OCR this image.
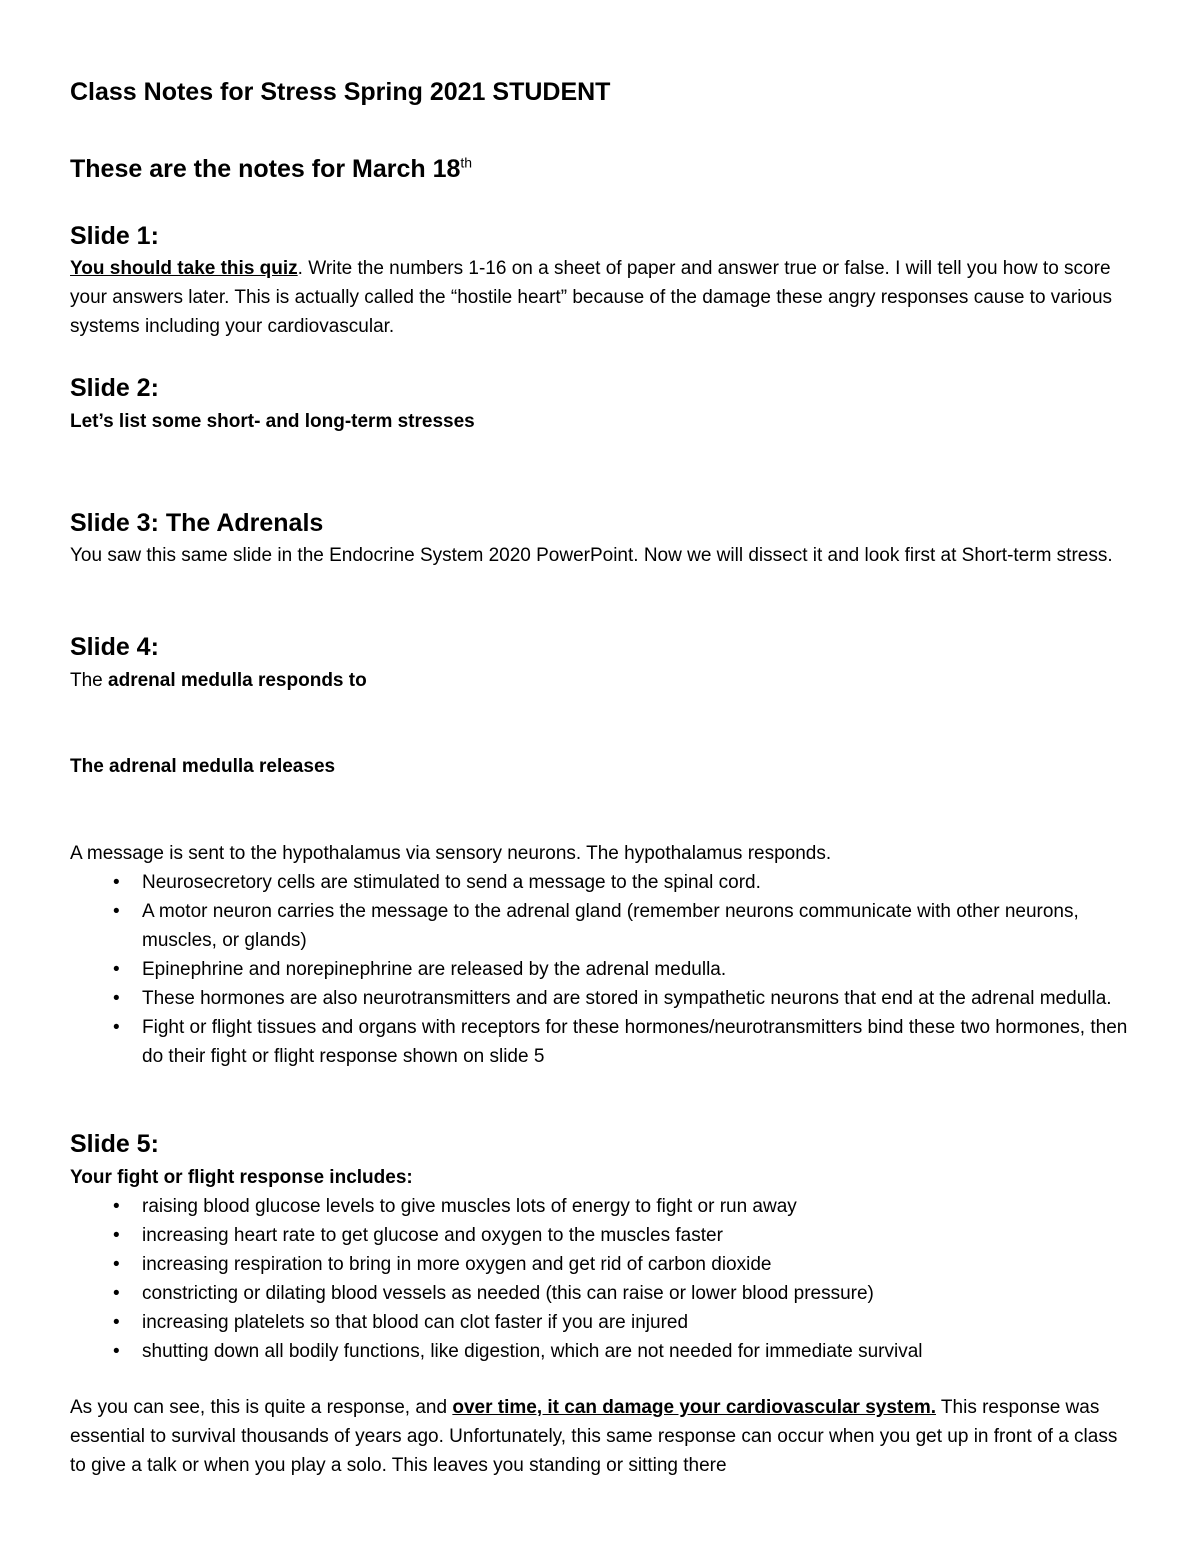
Class Notes for Stress Spring 2021 STUDENT
These are the notes for March 18th
Slide 1:
You should take this quiz. Write the numbers 1-16 on a sheet of paper and answer true or false. I will tell you how to score your answers later. This is actually called the “hostile heart” because of the damage these angry responses cause to various systems including your cardiovascular.
Slide 2:
Let’s list some short- and long-term stresses
Slide 3: The Adrenals
You saw this same slide in the Endocrine System 2020 PowerPoint. Now we will dissect it and look first at Short-term stress.
Slide 4:
The adrenal medulla responds to
The adrenal medulla releases
A message is sent to the hypothalamus via sensory neurons. The hypothalamus responds.
• Neurosecretory cells are stimulated to send a message to the spinal cord.
• A motor neuron carries the message to the adrenal gland (remember neurons communicate with other neurons, muscles, or glands)
• Epinephrine and norepinephrine are released by the adrenal medulla.
• These hormones are also neurotransmitters and are stored in sympathetic neurons that end at the adrenal medulla.
• Fight or flight tissues and organs with receptors for these hormones/neurotransmitters bind these two hormones, then do their fight or flight response shown on slide 5
Slide 5:
Your fight or flight response includes:
• raising blood glucose levels to give muscles lots of energy to fight or run away
• increasing heart rate to get glucose and oxygen to the muscles faster
• increasing respiration to bring in more oxygen and get rid of carbon dioxide
• constricting or dilating blood vessels as needed (this can raise or lower blood pressure)
• increasing platelets so that blood can clot faster if you are injured
• shutting down all bodily functions, like digestion, which are not needed for immediate survival
As you can see, this is quite a response, and over time, it can damage your cardiovascular system. This response was essential to survival thousands of years ago. Unfortunately, this same response can occur when you get up in front of a class to give a talk or when you play a solo. This leaves you standing or sitting there
